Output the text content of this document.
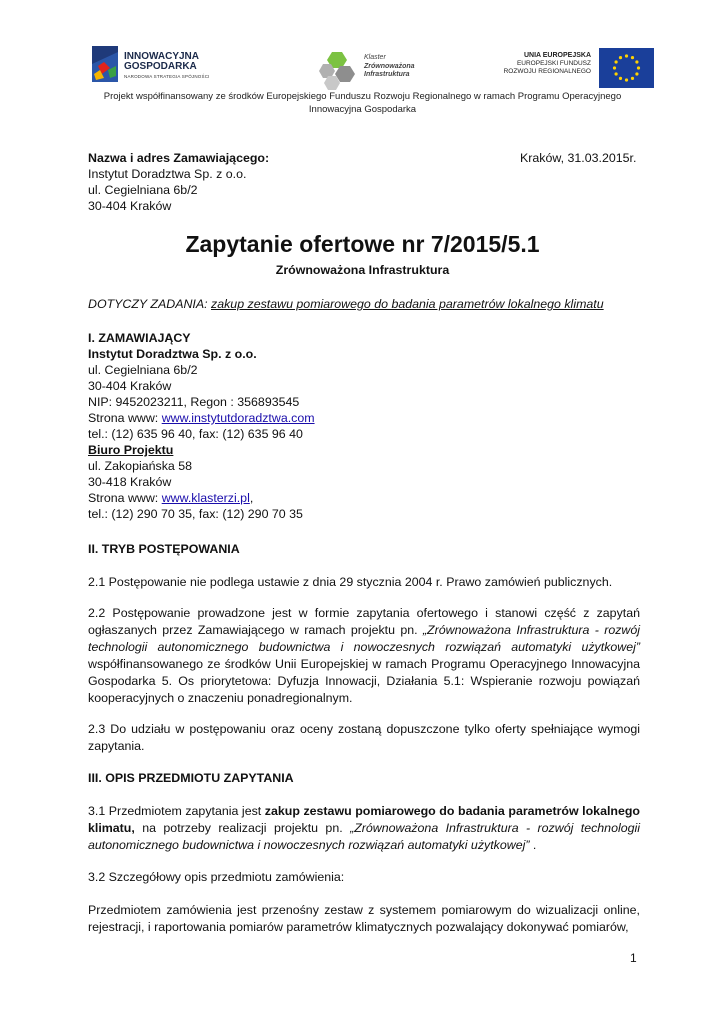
INNOWACYJNA
GOSPODARKA
NARODOWA STRATEGIA SPÓJNOŚCI
Klaster
Zrównoważona
Infrastruktura
UNIA EUROPEJSKA
EUROPEJSKI FUNDUSZ
ROZWOJU REGIONALNEGO
Projekt współfinansowany ze środków Europejskiego Funduszu Rozwoju Regionalnego w ramach Programu Operacyjnego
Innowacyjna Gospodarka
Nazwa i adres Zamawiającego:	Kraków, 31.03.2015r.
Instytut Doradztwa Sp. z o.o.
ul. Cegielniana 6b/2
30-404 Kraków
Zapytanie ofertowe nr 7/2015/5.1
Zrównoważona Infrastruktura
DOTYCZY ZADANIA: zakup zestawu pomiarowego do badania parametrów lokalnego klimatu
I. ZAMAWIAJĄCY
Instytut Doradztwa Sp. z o.o.
ul. Cegielniana 6b/2
30-404 Kraków
NIP: 9452023211, Regon : 356893545
Strona www: www.instytutdoradztwa.com
tel.: (12) 635 96 40, fax: (12) 635 96 40
Biuro Projektu
ul. Zakopiańska 58
30-418 Kraków
Strona www: www.klasterzi.pl,
tel.: (12) 290 70 35, fax: (12) 290 70 35
II. TRYB POSTĘPOWANIA
2.1 Postępowanie nie podlega ustawie z dnia 29 stycznia 2004 r. Prawo zamówień publicznych.
2.2 Postępowanie prowadzone jest w formie zapytania ofertowego i stanowi część z zapytań ogłaszanych przez Zamawiającego w ramach projektu pn. „Zrównoważona Infrastruktura - rozwój technologii autonomicznego budownictwa i nowoczesnych rozwiązań automatyki użytkowej” współfinansowanego ze środków Unii Europejskiej w ramach Programu Operacyjnego Innowacyjna Gospodarka 5. Os priorytetowa: Dyfuzja Innowacji, Działania 5.1: Wspieranie rozwoju powiązań kooperacyjnych o znaczeniu ponadregionalnym.
2.3 Do udziału w postępowaniu oraz oceny zostaną dopuszczone tylko oferty spełniające wymogi zapytania.
III. OPIS PRZEDMIOTU ZAPYTANIA
3.1 Przedmiotem zapytania jest zakup zestawu pomiarowego do badania parametrów lokalnego klimatu, na potrzeby realizacji projektu pn. „Zrównoważona Infrastruktura - rozwój technologii autonomicznego budownictwa i nowoczesnych rozwiązań automatyki użytkowej” .
3.2 Szczegółowy opis przedmiotu zamówienia:
Przedmiotem zamówienia jest przenośny zestaw z systemem pomiarowym do wizualizacji online, rejestracji, i raportowania pomiarów parametrów klimatycznych pozwalający dokonywać pomiarów,
1
